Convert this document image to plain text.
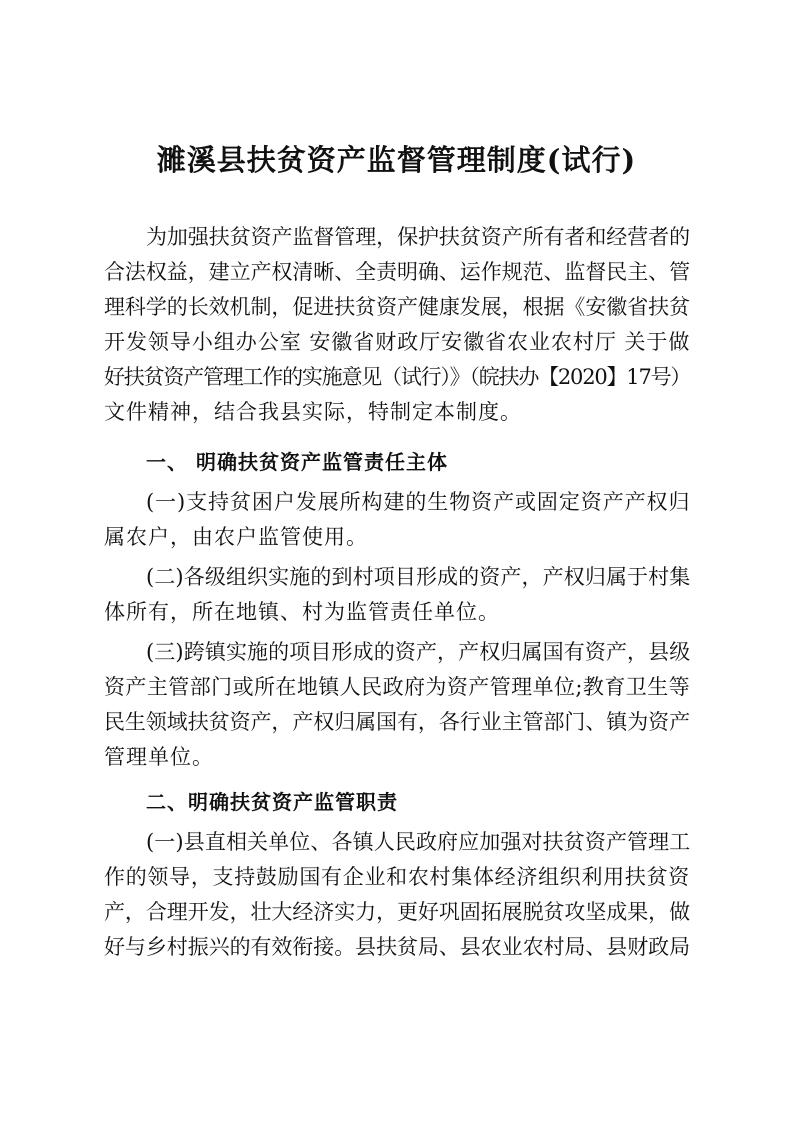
濉溪县扶贫资产监督管理制度(试行)
为加强扶贫资产监督管理，保护扶贫资产所有者和经营者的
合法权益，建立产权清晰、全责明确、运作规范、监督民主、管
理科学的长效机制，促进扶贫资产健康发展，根据《安徽省扶贫
开发领导小组办公室 安徽省财政厅安徽省农业农村厅 关于做
好扶贫资产管理工作的实施意见（试行）》（皖扶办【2020】17号）
文件精神，结合我县实际，特制定本制度。
一、 明确扶贫资产监管责任主体
(一)支持贫困户发展所构建的生物资产或固定资产产权归
属农户，由农户监管使用。
(二)各级组织实施的到村项目形成的资产，产权归属于村集
体所有，所在地镇、村为监管责任单位。
(三)跨镇实施的项目形成的资产，产权归属国有资产，县级
资产主管部门或所在地镇人民政府为资产管理单位;教育卫生等
民生领域扶贫资产，产权归属国有，各行业主管部门、镇为资产
管理单位。
二、明确扶贫资产监管职责
(一)县直相关单位、各镇人民政府应加强对扶贫资产管理工
作的领导，支持鼓励国有企业和农村集体经济组织利用扶贫资
产，合理开发，壮大经济实力，更好巩固拓展脱贫攻坚成果，做
好与乡村振兴的有效衔接。县扶贫局、县农业农村局、县财政局
